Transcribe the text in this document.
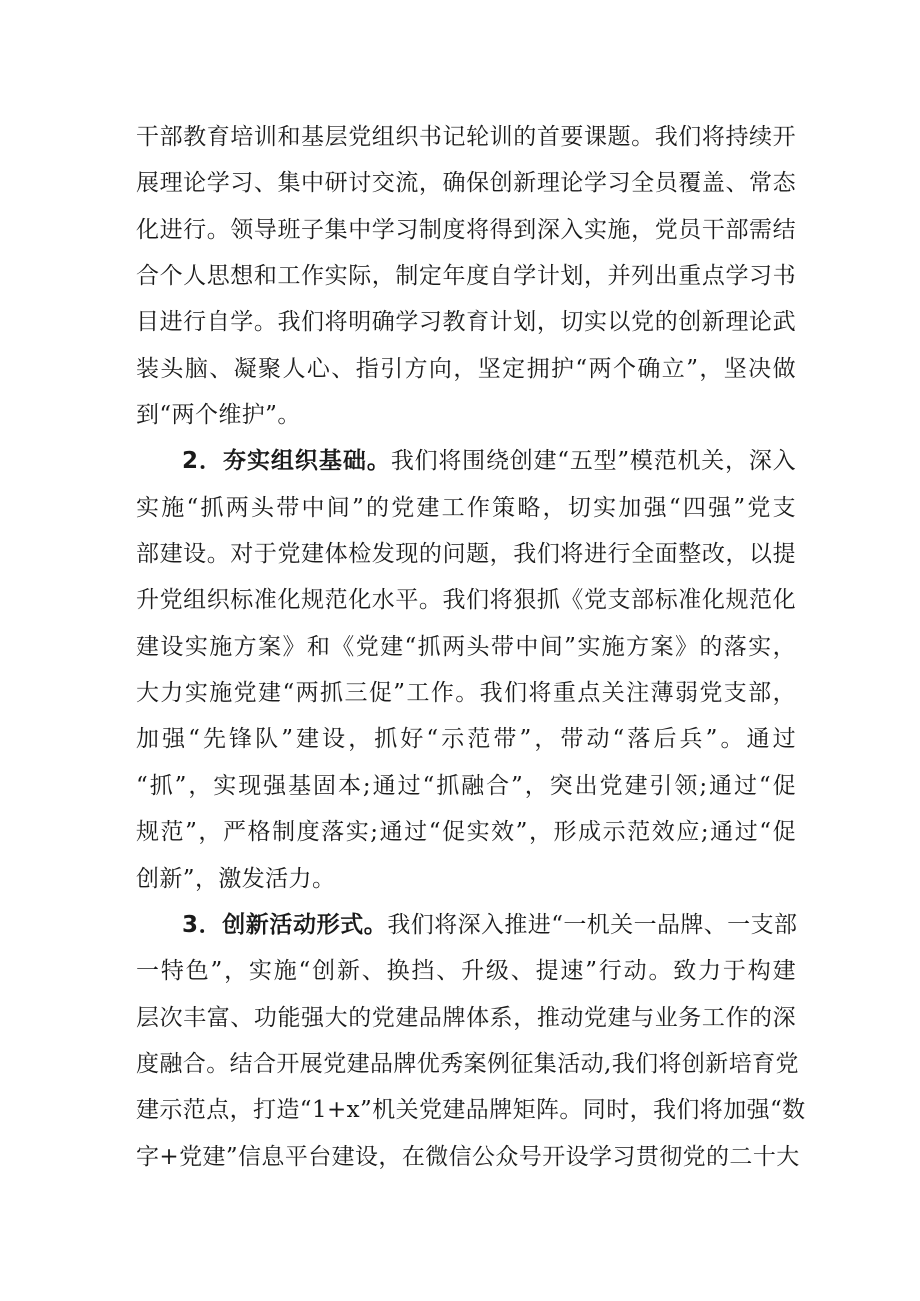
干部教育培训和基层党组织书记轮训的首要课题。我们将持续开
展理论学习、集中研讨交流，确保创新理论学习全员覆盖、常态
化进行。领导班子集中学习制度将得到深入实施，党员干部需结
合个人思想和工作实际，制定年度自学计划，并列出重点学习书
目进行自学。我们将明确学习教育计划，切实以党的创新理论武
装头脑、凝聚人心、指引方向，坚定拥护“两个确立”，坚决做
到“两个维护”。
2．夯实组织基础。我们将围绕创建“五型”模范机关，深入
实施“抓两头带中间”的党建工作策略，切实加强“四强”党支
部建设。对于党建体检发现的问题，我们将进行全面整改，以提
升党组织标准化规范化水平。我们将狠抓《党支部标准化规范化
建设实施方案》和《党建“抓两头带中间”实施方案》的落实，
大力实施党建“两抓三促”工作。我们将重点关注薄弱党支部，
加强“先锋队”建设，抓好“示范带”，带动“落后兵”。通过
“抓”，实现强基固本;通过“抓融合”，突出党建引领;通过“促
规范”，严格制度落实;通过“促实效”，形成示范效应;通过“促
创新”，激发活力。
3．创新活动形式。我们将深入推进“一机关一品牌、一支部
一特色”，实施“创新、换挡、升级、提速”行动。致力于构建
层次丰富、功能强大的党建品牌体系，推动党建与业务工作的深
度融合。结合开展党建品牌优秀案例征集活动,我们将创新培育党
建示范点，打造“1+x”机关党建品牌矩阵。同时，我们将加强“数
字+党建”信息平台建设，在微信公众号开设学习贯彻党的二十大
